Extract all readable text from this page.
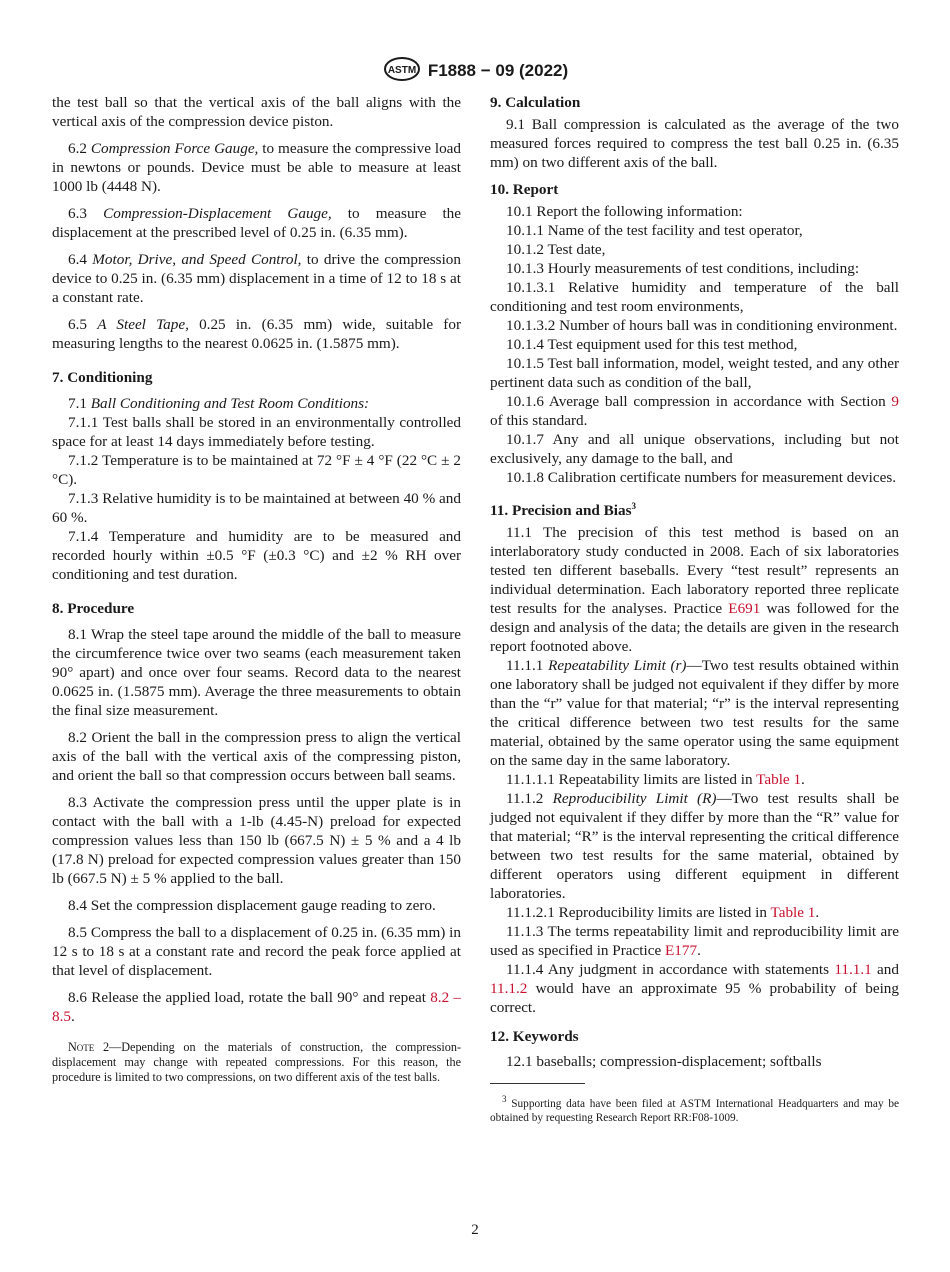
ASTM F1888 − 09 (2022)

the test ball so that the vertical axis of the ball aligns with the vertical axis of the compression device piston.

6.2 Compression Force Gauge, to measure the compressive load in newtons or pounds. Device must be able to measure at least 1000 lb (4448 N).

6.3 Compression-Displacement Gauge, to measure the displacement at the prescribed level of 0.25 in. (6.35 mm).

6.4 Motor, Drive, and Speed Control, to drive the compression device to 0.25 in. (6.35 mm) displacement in a time of 12 to 18 s at a constant rate.

6.5 A Steel Tape, 0.25 in. (6.35 mm) wide, suitable for measuring lengths to the nearest 0.0625 in. (1.5875 mm).

7. Conditioning

7.1 Ball Conditioning and Test Room Conditions:

7.1.1 Test balls shall be stored in an environmentally controlled space for at least 14 days immediately before testing.

7.1.2 Temperature is to be maintained at 72 °F ± 4 °F (22 °C ± 2 °C).

7.1.3 Relative humidity is to be maintained at between 40 % and 60 %.

7.1.4 Temperature and humidity are to be measured and recorded hourly within ±0.5 °F (±0.3 °C) and ±2 % RH over conditioning and test duration.

8. Procedure

8.1 Wrap the steel tape around the middle of the ball to measure the circumference twice over two seams (each measurement taken 90° apart) and once over four seams. Record data to the nearest 0.0625 in. (1.5875 mm). Average the three measurements to obtain the final size measurement.

8.2 Orient the ball in the compression press to align the vertical axis of the ball with the vertical axis of the compressing piston, and orient the ball so that compression occurs between ball seams.

8.3 Activate the compression press until the upper plate is in contact with the ball with a 1-lb (4.45-N) preload for expected compression values less than 150 lb (667.5 N) ± 5 % and a 4 lb (17.8 N) preload for expected compression values greater than 150 lb (667.5 N) ± 5 % applied to the ball.

8.4 Set the compression displacement gauge reading to zero.

8.5 Compress the ball to a displacement of 0.25 in. (6.35 mm) in 12 s to 18 s at a constant rate and record the peak force applied at that level of displacement.

8.6 Release the applied load, rotate the ball 90° and repeat 8.2 – 8.5.

Note 2—Depending on the materials of construction, the compression-displacement may change with repeated compressions. For this reason, the procedure is limited to two compressions, on two different axis of the test balls.

9. Calculation

9.1 Ball compression is calculated as the average of the two measured forces required to compress the test ball 0.25 in. (6.35 mm) on two different axis of the ball.

10. Report

10.1 Report the following information:

10.1.1 Name of the test facility and test operator,

10.1.2 Test date,

10.1.3 Hourly measurements of test conditions, including:

10.1.3.1 Relative humidity and temperature of the ball conditioning and test room environments,

10.1.3.2 Number of hours ball was in conditioning environment.

10.1.4 Test equipment used for this test method,

10.1.5 Test ball information, model, weight tested, and any other pertinent data such as condition of the ball,

10.1.6 Average ball compression in accordance with Section 9 of this standard.

10.1.7 Any and all unique observations, including but not exclusively, any damage to the ball, and

10.1.8 Calibration certificate numbers for measurement devices.

11. Precision and Bias$^3$

11.1 The precision of this test method is based on an interlaboratory study conducted in 2008. Each of six laboratories tested ten different baseballs. Every “test result” represents an individual determination. Each laboratory reported three replicate test results for the analyses. Practice E691 was followed for the design and analysis of the data; the details are given in the research report footnoted above.

11.1.1 Repeatability Limit (r)—Two test results obtained within one laboratory shall be judged not equivalent if they differ by more than the “r” value for that material; “r” is the interval representing the critical difference between two test results for the same material, obtained by the same operator using the same equipment on the same day in the same laboratory.

11.1.1.1 Repeatability limits are listed in Table 1.

11.1.2 Reproducibility Limit (R)—Two test results shall be judged not equivalent if they differ by more than the “R” value for that material; “R” is the interval representing the critical difference between two test results for the same material, obtained by different operators using different equipment in different laboratories.

11.1.2.1 Reproducibility limits are listed in Table 1.

11.1.3 The terms repeatability limit and reproducibility limit are used as specified in Practice E177.

11.1.4 Any judgment in accordance with statements 11.1.1 and 11.1.2 would have an approximate 95 % probability of being correct.

12. Keywords

12.1 baseballs; compression-displacement; softballs

$^3$ Supporting data have been filed at ASTM International Headquarters and may be obtained by requesting Research Report RR:F08-1009.

2
